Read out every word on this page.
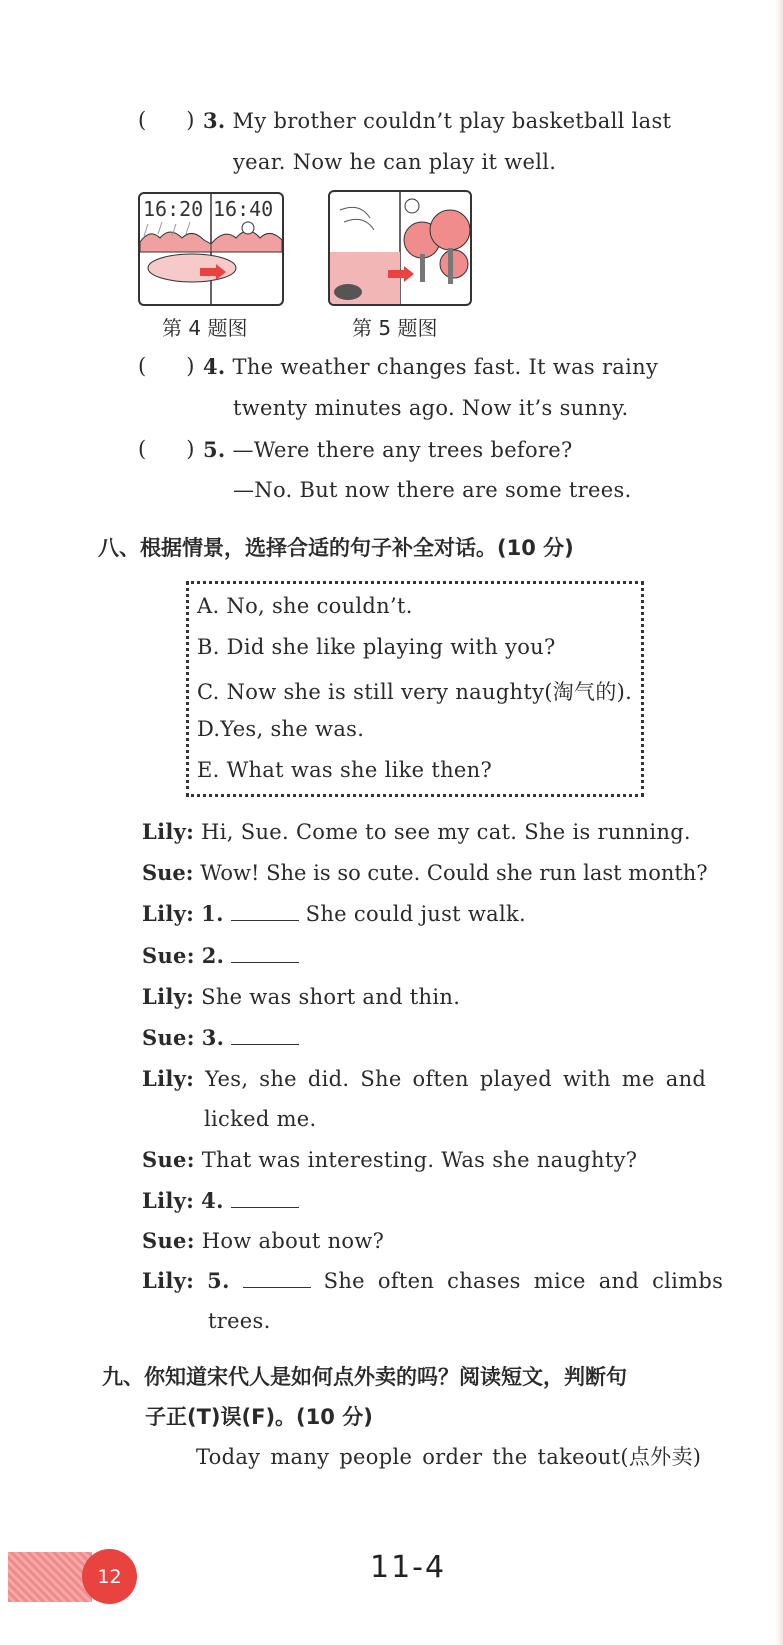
(      ) 3. My brother couldn’t play basketball last
year. Now he can play it well.
16:20 16:40
第 4 题图	第 5 题图
(      ) 4. The weather changes fast. It was rainy
twenty minutes ago. Now it’s sunny.
(      ) 5. —Were there any trees before?
—No. But now there are some trees.
八、根据情景，选择合适的句子补全对话。(10 分)
A. No, she couldn’t.
B. Did she like playing with you?
C. Now she is still very naughty(淘气的).
D.Yes, she was.
E. What was she like then?
Lily: Hi, Sue. Come to see my cat. She is running.
Sue: Wow! She is so cute. Could she run last month?
Lily: 1.	She could just walk.
Sue: 2.
Lily: She was short and thin.
Sue: 3.
Lily: Yes, she did. She often played with me and
licked me.
Sue: That was interesting. Was she naughty?
Lily: 4.
Sue: How about now?
Lily: 5.	She often chases mice and climbs
trees.
九、你知道宋代人是如何点外卖的吗？阅读短文，判断句
子正(T)误(F)。(10 分)
Today many people order the takeout(点外卖)
12	11-4
